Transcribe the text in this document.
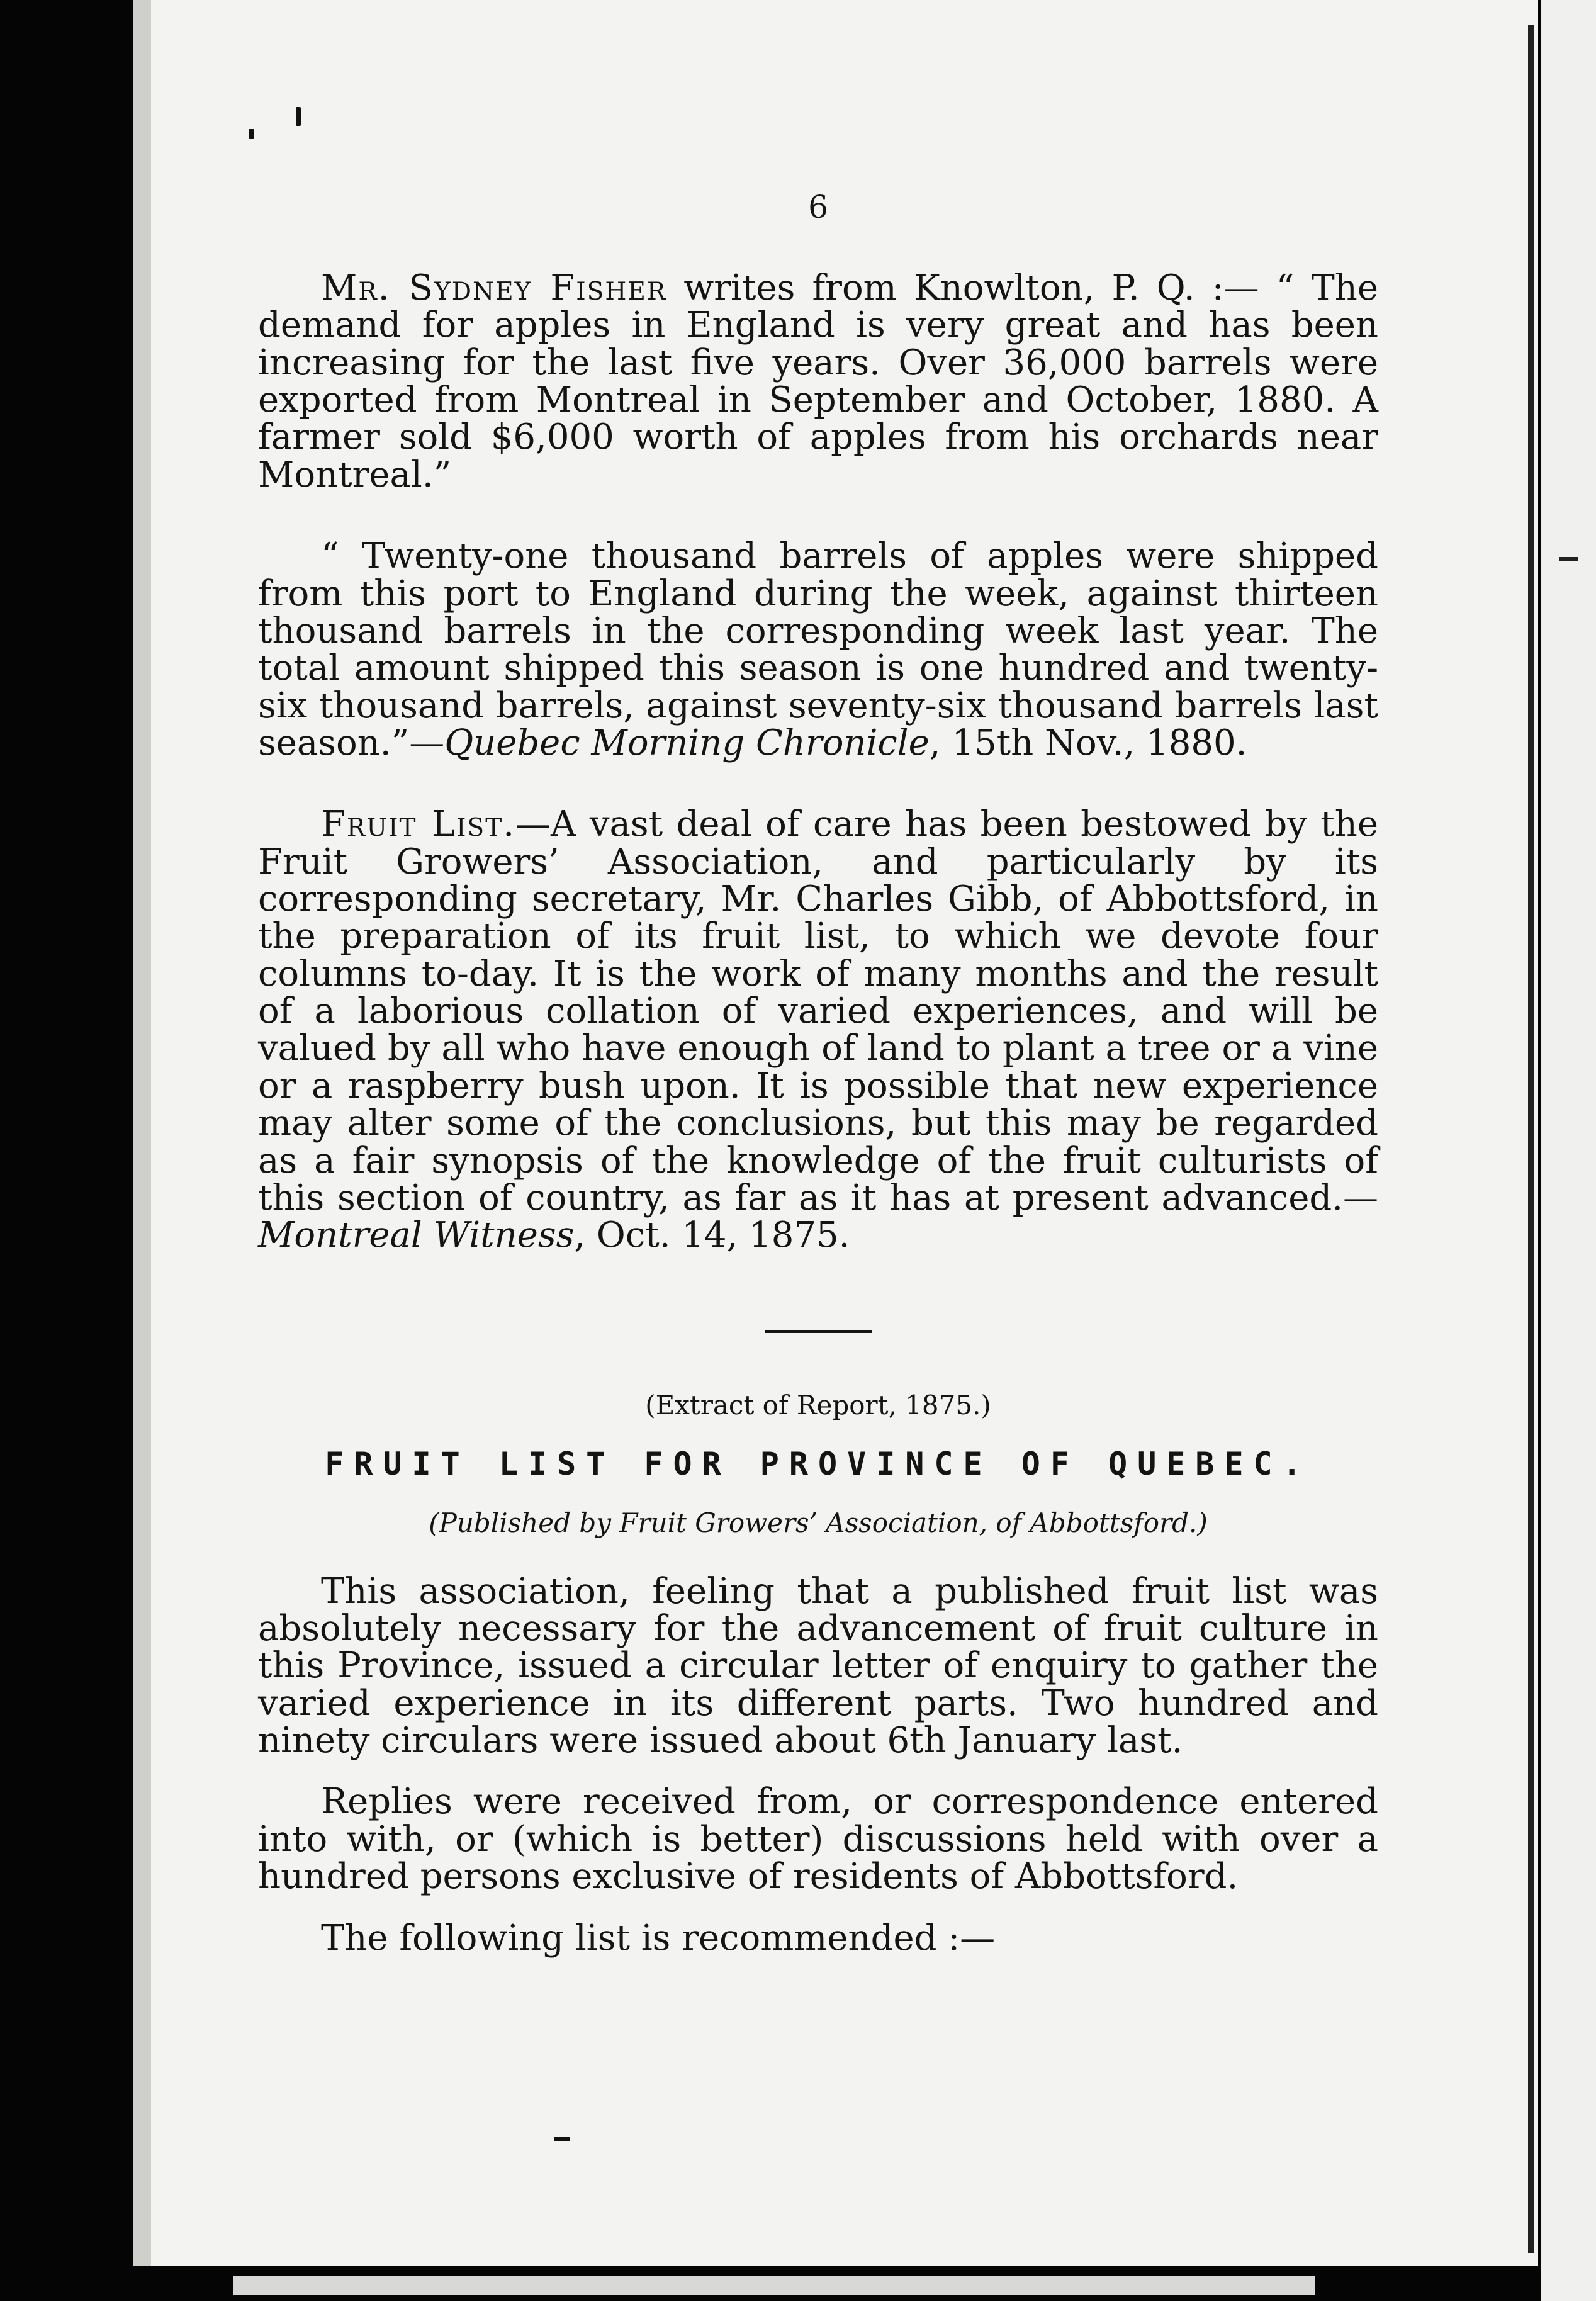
6

Mr. Sydney Fisher writes from Knowlton, P. Q. :— “ The demand for apples in England is very great and has been increasing for the last five years. Over 36,000 barrels were exported from Montreal in September and October, 1880. A farmer sold $6,000 worth of apples from his orchards near Montreal.”

“ Twenty-one thousand barrels of apples were shipped from this port to England during the week, against thirteen thousand barrels in the corresponding week last year. The total amount shipped this season is one hundred and twenty-six thousand barrels, against seventy-six thousand barrels last season.”—Quebec Morning Chronicle, 15th Nov., 1880.

Fruit List.—A vast deal of care has been bestowed by the Fruit Growers’ Association, and particularly by its corresponding secretary, Mr. Charles Gibb, of Abbottsford, in the preparation of its fruit list, to which we devote four columns to-day. It is the work of many months and the result of a laborious collation of varied experiences, and will be valued by all who have enough of land to plant a tree or a vine or a raspberry bush upon. It is possible that new experience may alter some of the conclusions, but this may be regarded as a fair synopsis of the knowledge of the fruit culturists of this section of country, as far as it has at present advanced.—Montreal Witness, Oct. 14, 1875.

(Extract of Report, 1875.)
FRUIT LIST FOR PROVINCE OF QUEBEC.
(Published by Fruit Growers’ Association, of Abbottsford.)

This association, feeling that a published fruit list was absolutely necessary for the advancement of fruit culture in this Province, issued a circular letter of enquiry to gather the varied experience in its different parts. Two hundred and ninety circulars were issued about 6th January last.

Replies were received from, or correspondence entered into with, or (which is better) discussions held with over a hundred persons exclusive of residents of Abbottsford.

The following list is recommended :—
